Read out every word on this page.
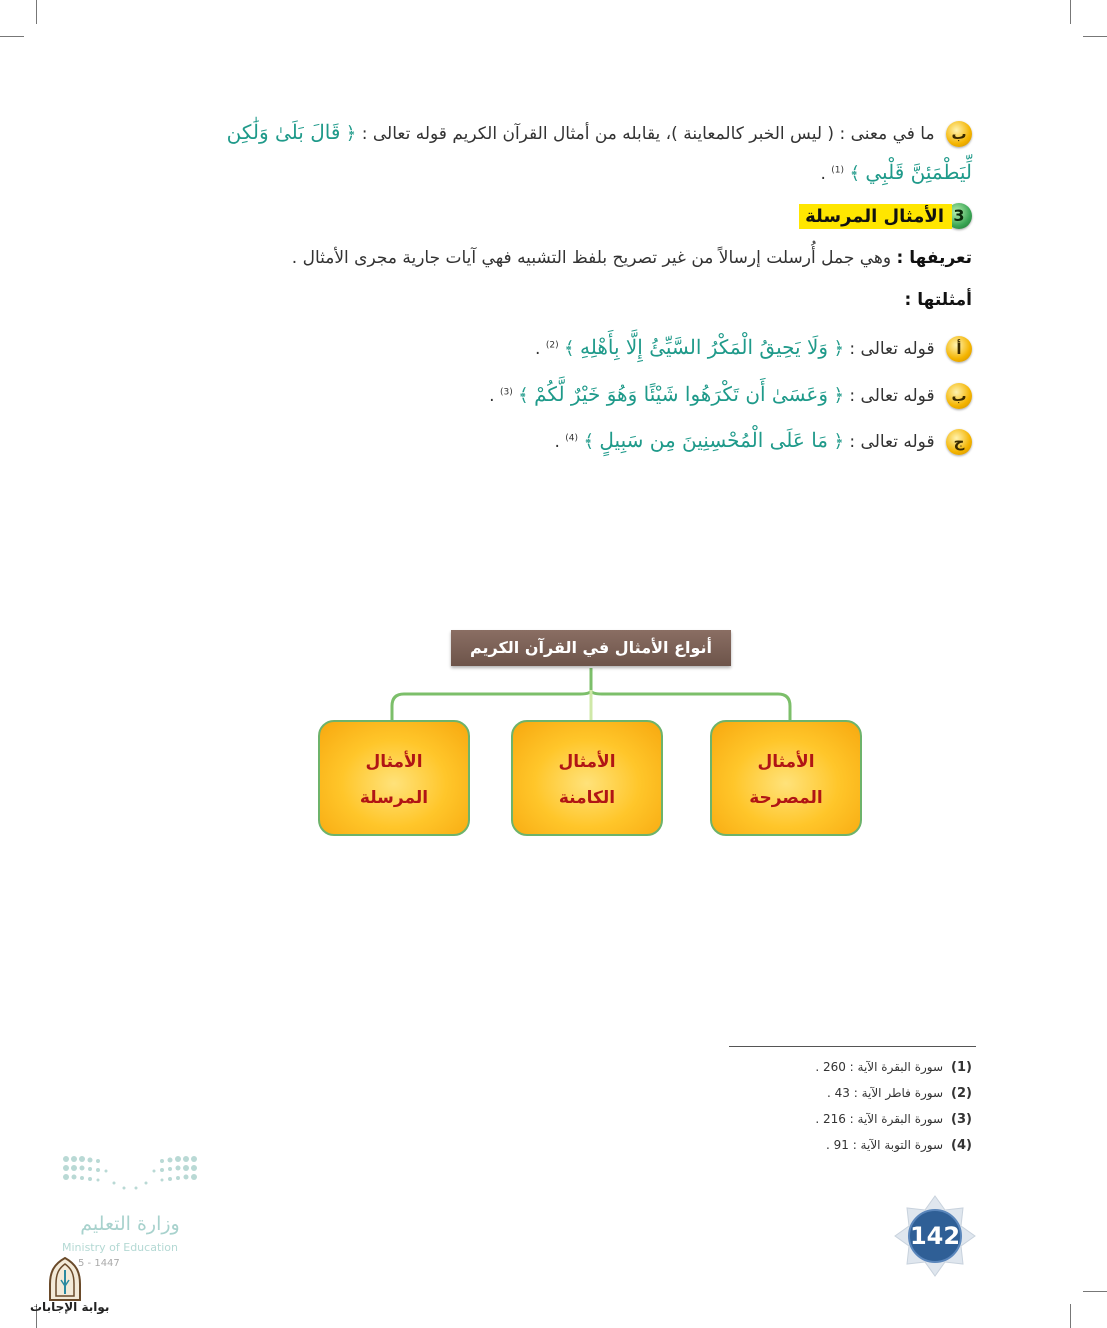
ب ما في معنى : ( ليس الخبر كالمعاينة )، يقابله من أمثال القرآن الكريم قوله تعالى : ﴿ قَالَ بَلَىٰ وَلَٰكِن
لِّيَطْمَئِنَّ قَلْبِي ﴾ $^{(1)}$ .
3
الأمثال المرسلة
تعريفها : وهي جمل أُرسلت إرسالاً من غير تصريح بلفظ التشبيه فهي آيات جارية مجرى الأمثال .
أمثلتها :
أ قوله تعالى : ﴿ وَلَا يَحِيقُ الْمَكْرُ السَّيِّئُ إِلَّا بِأَهْلِهِ ﴾ $^{(2)}$ .
ب قوله تعالى : ﴿ وَعَسَىٰ أَن تَكْرَهُوا شَيْئًا وَهُوَ خَيْرٌ لَّكُمْ ﴾ $^{(3)}$ .
ج قوله تعالى : ﴿ مَا عَلَى الْمُحْسِنِينَ مِن سَبِيلٍ ﴾ $^{(4)}$ .
أنواع الأمثال في القرآن الكريم
الأمثال
المرسلة
الأمثال
الكامنة
الأمثال
المصرحة
(1)سورة البقرة الآية : 260 .
(2)سورة فاطر الآية : 43 .
(3)سورة البقرة الآية : 216 .
(4)سورة التوبة الآية : 91 .
وزارة التعليم
Ministry of Education
5 - 1447
142
بوابة الإجابات
